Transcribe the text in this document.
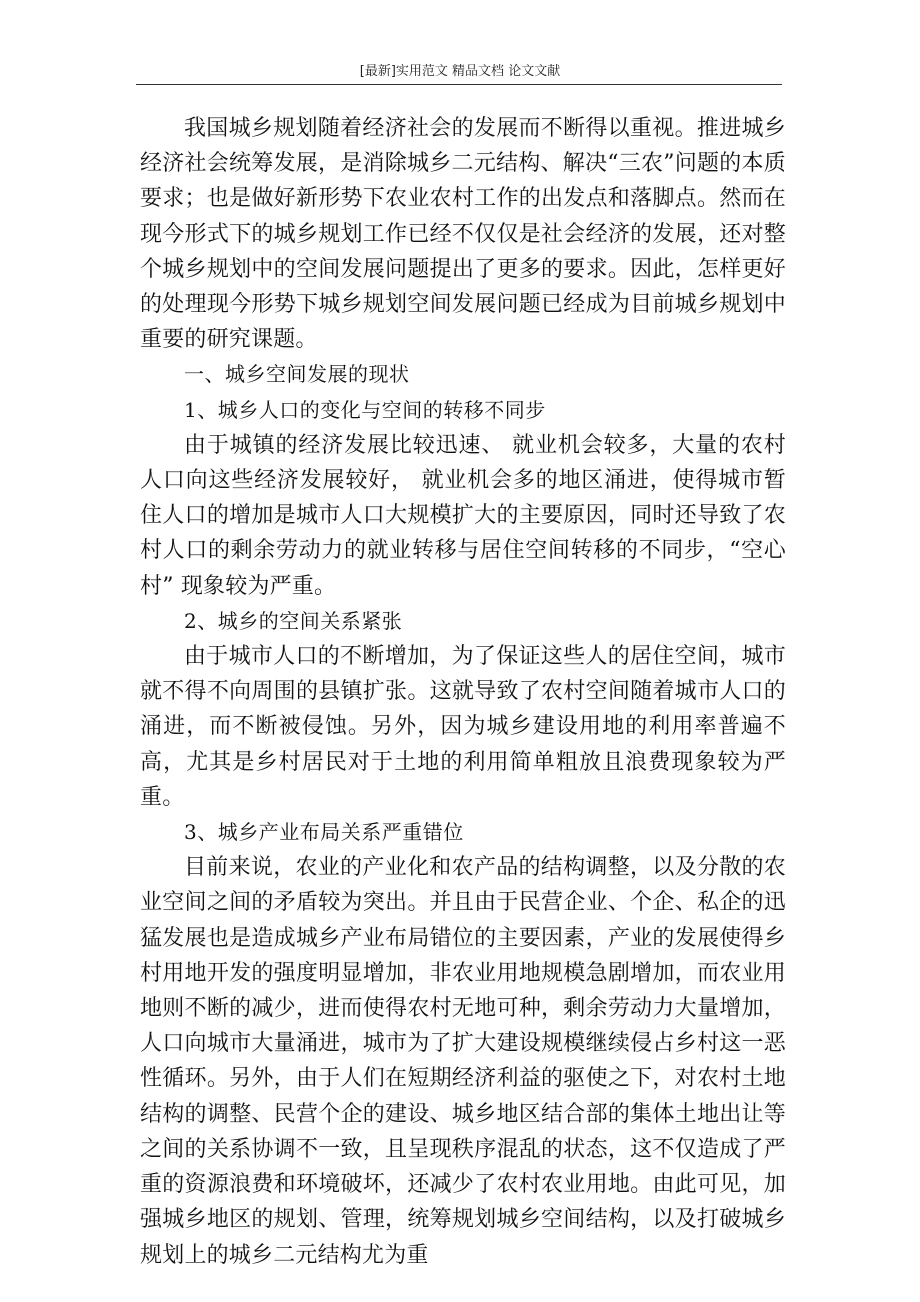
[最新]实用范文 精品文档 论文文献

我国城乡规划随着经济社会的发展而不断得以重视。推进城乡经济社会统筹发展，是消除城乡二元结构、解决“三农”问题的本质要求；也是做好新形势下农业农村工作的出发点和落脚点。然而在现今形式下的城乡规划工作已经不仅仅是社会经济的发展，还对整个城乡规划中的空间发展问题提出了更多的要求。因此，怎样更好的处理现今形势下城乡规划空间发展问题已经成为目前城乡规划中重要的研究课题。

一、城乡空间发展的现状

1、城乡人口的变化与空间的转移不同步

由于城镇的经济发展比较迅速、 就业机会较多，大量的农村人口向这些经济发展较好， 就业机会多的地区涌进，使得城市暂住人口的增加是城市人口大规模扩大的主要原因，同时还导致了农村人口的剩余劳动力的就业转移与居住空间转移的不同步，“空心村” 现象较为严重。

2、城乡的空间关系紧张

由于城市人口的不断增加，为了保证这些人的居住空间，城市就不得不向周围的县镇扩张。这就导致了农村空间随着城市人口的涌进，而不断被侵蚀。另外，因为城乡建设用地的利用率普遍不高，尤其是乡村居民对于土地的利用简单粗放且浪费现象较为严重。

3、城乡产业布局关系严重错位

目前来说，农业的产业化和农产品的结构调整，以及分散的农业空间之间的矛盾较为突出。并且由于民营企业、个企、私企的迅猛发展也是造成城乡产业布局错位的主要因素，产业的发展使得乡村用地开发的强度明显增加，非农业用地规模急剧增加，而农业用地则不断的减少，进而使得农村无地可种，剩余劳动力大量增加，人口向城市大量涌进，城市为了扩大建设规模继续侵占乡村这一恶性循环。另外，由于人们在短期经济利益的驱使之下，对农村土地结构的调整、民营个企的建设、城乡地区结合部的集体土地出让等之间的关系协调不一致，且呈现秩序混乱的状态，这不仅造成了严重的资源浪费和环境破坏，还减少了农村农业用地。由此可见，加强城乡地区的规划、管理，统筹规划城乡空间结构，以及打破城乡规划上的城乡二元结构尤为重
